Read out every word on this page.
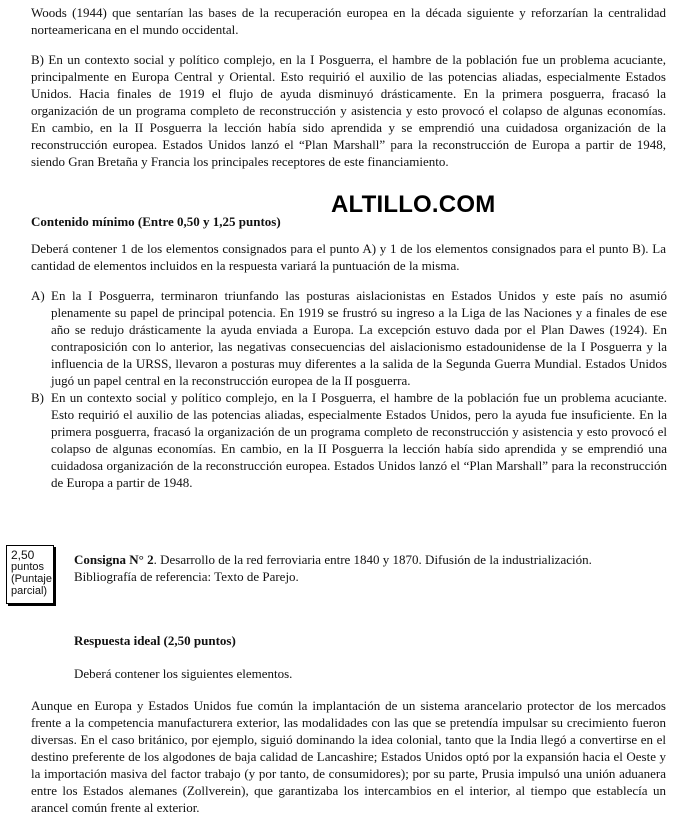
Woods (1944) que sentarían las bases de la recuperación europea en la década siguiente y reforzarían la centralidad norteamericana en el mundo occidental.

B) En un contexto social y político complejo, en la I Posguerra, el hambre de la población fue un problema acuciante, principalmente en Europa Central y Oriental. Esto requirió el auxilio de las potencias aliadas, especialmente Estados Unidos. Hacia finales de 1919 el flujo de ayuda disminuyó drásticamente. En la primera posguerra, fracasó la organización de un programa completo de reconstrucción y asistencia y esto provocó el colapso de algunas economías. En cambio, en la II Posguerra la lección había sido aprendida y se emprendió una cuidadosa organización de la reconstrucción europea. Estados Unidos lanzó el “Plan Marshall” para la reconstrucción de Europa a partir de 1948, siendo Gran Bretaña y Francia los principales receptores de este financiamiento.

ALTILLO.COM

Contenido mínimo (Entre 0,50 y 1,25 puntos)

Deberá contener 1 de los elementos consignados para el punto A) y 1 de los elementos consignados para el punto B). La cantidad de elementos incluidos en la respuesta variará la puntuación de la misma.

A) En la I Posguerra, terminaron triunfando las posturas aislacionistas en Estados Unidos y este país no asumió plenamente su papel de principal potencia. En 1919 se frustró su ingreso a la Liga de las Naciones y a finales de ese año se redujo drásticamente la ayuda enviada a Europa. La excepción estuvo dada por el Plan Dawes (1924). En contraposición con lo anterior, las negativas consecuencias del aislacionismo estadounidense de la I Posguerra y la influencia de la URSS, llevaron a posturas muy diferentes a la salida de la Segunda Guerra Mundial. Estados Unidos jugó un papel central en la reconstrucción europea de la II posguerra.
B) En un contexto social y político complejo, en la I Posguerra, el hambre de la población fue un problema acuciante. Esto requirió el auxilio de las potencias aliadas, especialmente Estados Unidos, pero la ayuda fue insuficiente. En la primera posguerra, fracasó la organización de un programa completo de reconstrucción y asistencia y esto provocó el colapso de algunas economías. En cambio, en la II Posguerra la lección había sido aprendida y se emprendió una cuidadosa organización de la reconstrucción europea. Estados Unidos lanzó el “Plan Marshall” para la reconstrucción de Europa a partir de 1948.
2,50
puntos
(Puntaje
parcial)
Consigna N° 2. Desarrollo de la red ferroviaria entre 1840 y 1870. Difusión de la industrialización.
Bibliografía de referencia: Texto de Parejo.

Respuesta ideal (2,50 puntos)

Deberá contener los siguientes elementos.

Aunque en Europa y Estados Unidos fue común la implantación de un sistema arancelario protector de los mercados frente a la competencia manufacturera exterior, las modalidades con las que se pretendía impulsar su crecimiento fueron diversas. En el caso británico, por ejemplo, siguió dominando la idea colonial, tanto que la India llegó a convertirse en el destino preferente de los algodones de baja calidad de Lancashire; Estados Unidos optó por la expansión hacia el Oeste y la importación masiva del factor trabajo (y por tanto, de consumidores); por su parte, Prusia impulsó una unión aduanera entre los Estados alemanes (Zollverein), que garantizaba los intercambios en el interior, al tiempo que establecía un arancel común frente al exterior.
